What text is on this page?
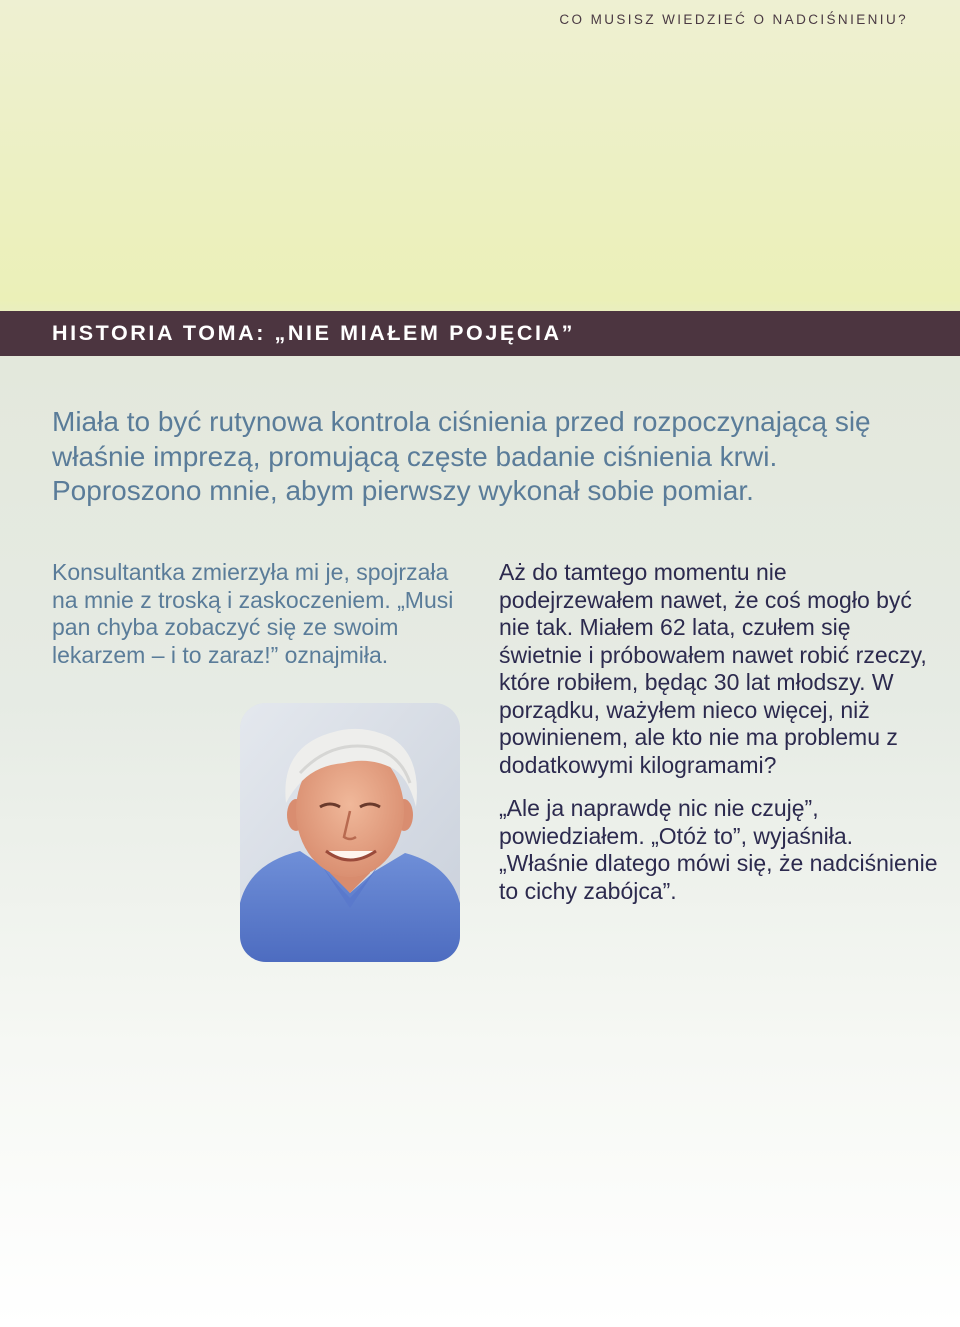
CO MUSISZ WIEDZIEĆ O NADCIŚNIENIU?
HISTORIA TOMA: „NIE MIAŁEM POJĘCIA”

Miała to być rutynowa kontrola ciśnienia przed rozpoczynającą się właśnie imprezą, promującą częste badanie ciśnienia krwi. Poproszono mnie, abym pierwszy wykonał sobie pomiar.

Konsultantka zmierzyła mi je, spojrzała na mnie z troską i zaskoczeniem. „Musi pan chyba zobaczyć się ze swoim lekarzem – i to zaraz!” oznajmiła.

Aż do tamtego momentu nie podejrzewałem nawet, że coś mogło być nie tak. Miałem 62 lata, czułem się świetnie i próbowałem nawet robić rzeczy, które robiłem, będąc 30 lat młodszy. W porządku, ważyłem nieco więcej, niż powinienem, ale kto nie ma problemu z dodatkowymi kilogramami?

„Ale ja naprawdę nic nie czuję”, powiedziałem. „Otóż to”, wyjaśniła. „Właśnie dlatego mówi się, że nadciśnienie to cichy zabójca”.
